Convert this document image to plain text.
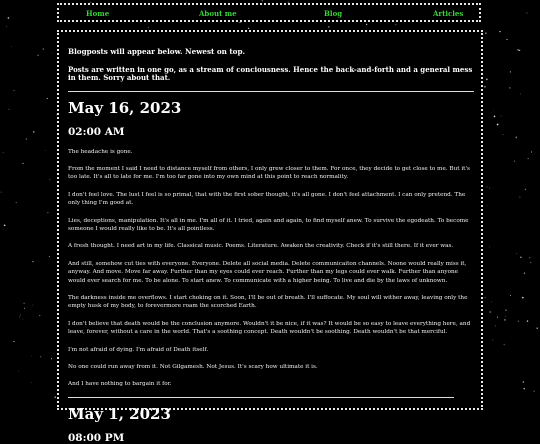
Home	About me	Blog	Articles

Blogposts will appear below. Newest on top.

Posts are written in one go, as a stream of conciousness. Hence the back-and-forth and a general mess in them. Sorry about that.

May 16, 2023
02:00 AM

The headache is gone.

From the moment I said I need to distance myself from others, I only grew closer to them. For once, they decide to get close to me. But it's too late. It's all to late for me. I'm too far gone into my own mind at this point to reach normality.

I don't feel love. The lust I feel is so primal, that with the first sober thought, it's all gone. I don't feel attachment. I can only pretend. The only thing I'm good at.

Lies, deceptions, manipulation. It's all in me. I'm all of it. I tried, again and again, to find myself anew. To survive the egodeath. To become someone I would really like to be. It's all pointless.

A fresh thought. I need art in my life. Classical music. Poems. Literature. Awaken the creativity. Check if it's still there. If it ever was.

And still, somehow cut ties with everyone. Everyone. Delete all social media. Delete communicaiton channels. Noone would really miss it, anyway. And move. Move far away. Further than my eyes could ever reach. Further than my legs could ever walk. Further than anyone would ever search for me. To be alone. To start anew. To communicate with a higher being. To live and die by the laws of unknown.

The darkness inside me overflows. I start choking on it. Soon, I'll be out of breath. I'll suffocate. My soul will wither away, leaving only the empty husk of my body, to forevermore roam the scorched Earth.

I don't believe that death would be the conclusion anymore. Wouldn't it be nice, if it was? It would be so easy to leave everything here, and leave, forever, without a care in the world. That's a soothing concept. Death wouldn't be soothing. Death wouldn't be that merciful.

I'm not afraid of dying. I'm afraid of Death itself.

No one could run away from it. Not Gilgamesh. Not Jesus. It's scary how ultimate it is.

And I have nothing to bargain it for.

May 1, 2023
08:00 PM
